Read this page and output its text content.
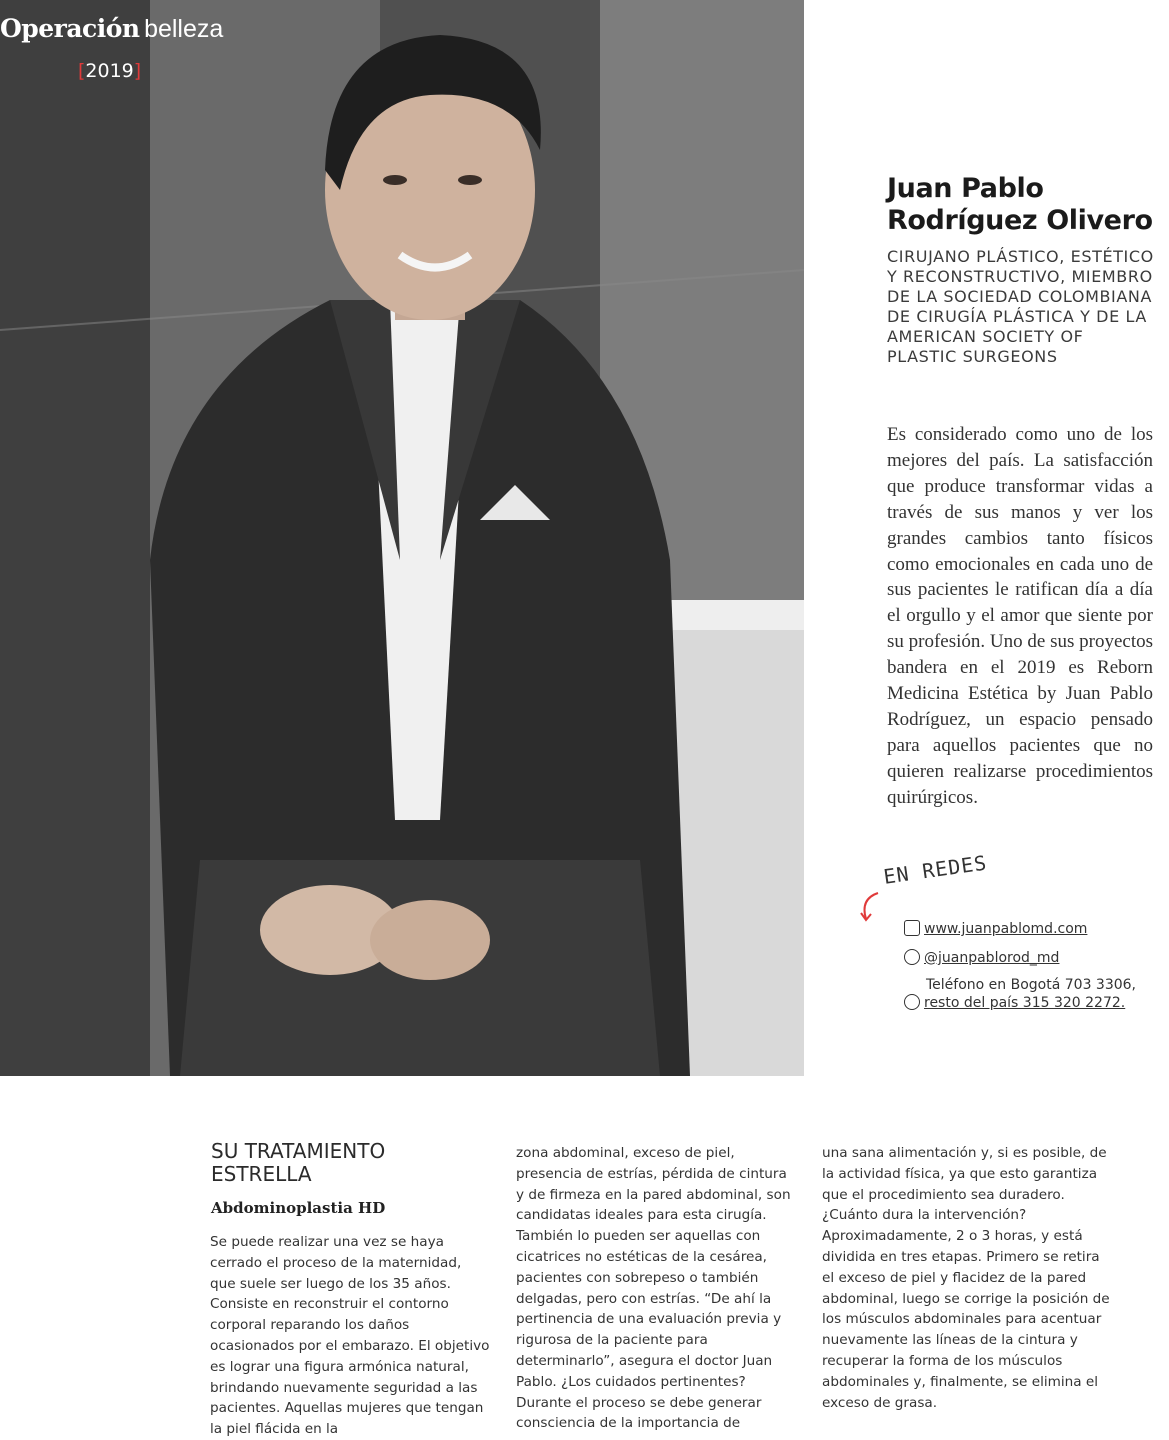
Operación belleza
[2019]
Juan Pablo Rodríguez Olivero

CIRUJANO PLÁSTICO, ESTÉTICO Y RECONSTRUCTIVO, MIEMBRO DE LA SOCIEDAD COLOMBIANA DE CIRUGÍA PLÁSTICA Y DE LA AMERICAN SOCIETY OF PLASTIC SURGEONS

Es considerado como uno de los mejores del país. La satisfacción que produce transformar vidas a través de sus manos y ver los grandes cambios tanto físicos como emocionales en cada uno de sus pacientes le ratifican día a día el orgullo y el amor que siente por su profesión. Uno de sus proyectos bandera en el 2019 es Reborn Medicina Estética by Juan Pablo Rodríguez, un espacio pensado para aquellos pacientes que no quieren realizarse procedimientos quirúrgicos.

EN REDES
www.juanpablomd.com
@juanpablorod_md
Teléfono en Bogotá 703 3306,
resto del país 315 320 2272.
SU TRATAMIENTO ESTRELLA
Abdominoplastia HD

Se puede realizar una vez se haya cerrado el proceso de la maternidad, que suele ser luego de los 35 años. Consiste en reconstruir el contorno corporal reparando los daños ocasionados por el embarazo. El objetivo es lograr una figura armónica natural, brindando nuevamente seguridad a las pacientes. Aquellas mujeres que tengan la piel flácida en la

zona abdominal, exceso de piel, presencia de estrías, pérdida de cintura y de firmeza en la pared abdominal, son candidatas ideales para esta cirugía. También lo pueden ser aquellas con cicatrices no estéticas de la cesárea, pacientes con sobrepeso o también delgadas, pero con estrías. “De ahí la pertinencia de una evaluación previa y rigurosa de la paciente para determinarlo”, asegura el doctor Juan Pablo. ¿Los cuidados pertinentes? Durante el proceso se debe generar consciencia de la importancia de

una sana alimentación y, si es posible, de la actividad física, ya que esto garantiza que el procedimiento sea duradero. ¿Cuánto dura la intervención? Aproximadamente, 2 o 3 horas, y está dividida en tres etapas. Primero se retira el exceso de piel y flacidez de la pared abdominal, luego se corrige la posición de los músculos abdominales para acentuar nuevamente las líneas de la cintura y recuperar la forma de los músculos abdominales y, finalmente, se elimina el exceso de grasa.
